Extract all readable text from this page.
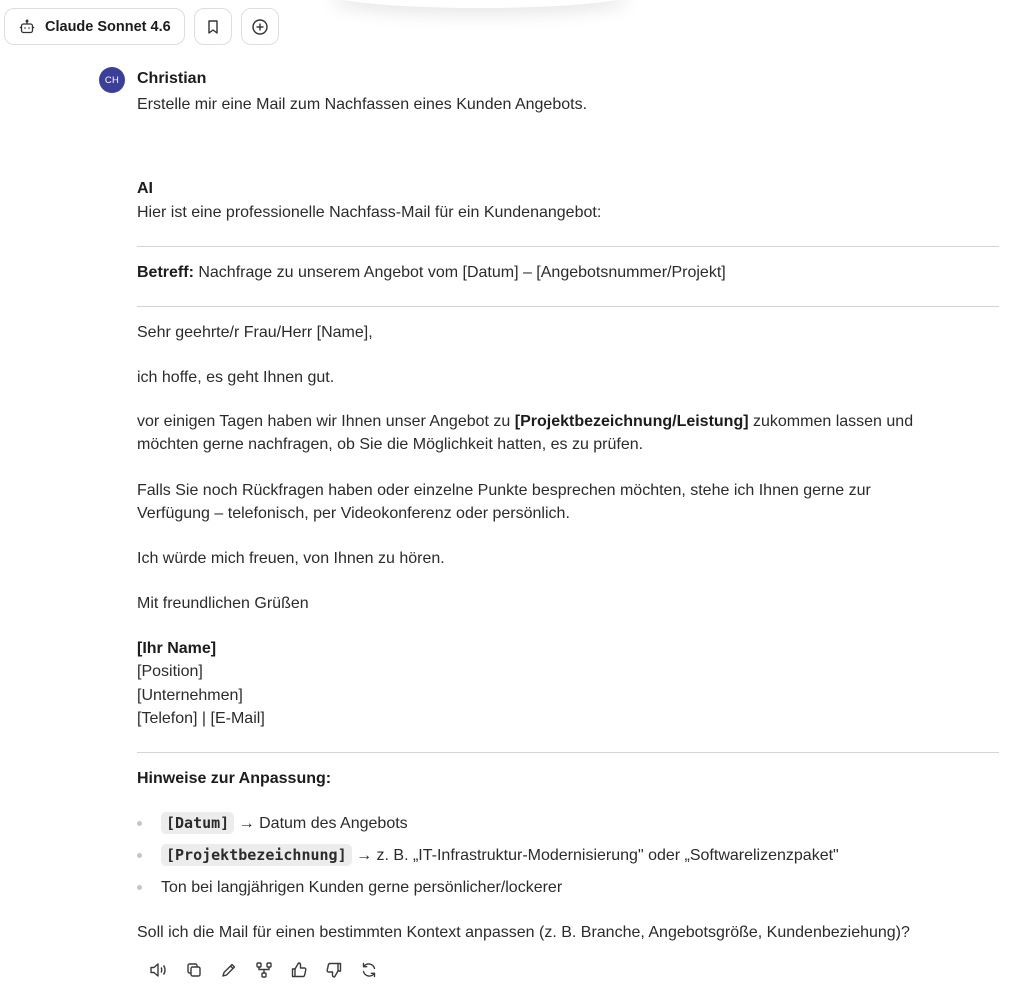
Claude Sonnet 4.6
CH	Christian
Erstelle mir eine Mail zum Nachfassen eines Kunden Angebots.
AI
Hier ist eine professionelle Nachfass-Mail für ein Kundenangebot:
Betreff: Nachfrage zu unserem Angebot vom [Datum] – [Angebotsnummer/Projekt]
Sehr geehrte/r Frau/Herr [Name],
ich hoffe, es geht Ihnen gut.
vor einigen Tagen haben wir Ihnen unser Angebot zu [Projektbezeichnung/Leistung] zukommen lassen und
möchten gerne nachfragen, ob Sie die Möglichkeit hatten, es zu prüfen.
Falls Sie noch Rückfragen haben oder einzelne Punkte besprechen möchten, stehe ich Ihnen gerne zur
Verfügung – telefonisch, per Videokonferenz oder persönlich.
Ich würde mich freuen, von Ihnen zu hören.
Mit freundlichen Grüßen
[Ihr Name]
[Position]
[Unternehmen]
[Telefon] | [E-Mail]
Hinweise zur Anpassung:
[Datum] → Datum des Angebots
[Projektbezeichnung] → z. B. „IT-Infrastruktur-Modernisierung" oder „Softwarelizenzpaket"
Ton bei langjährigen Kunden gerne persönlicher/lockerer
Soll ich die Mail für einen bestimmten Kontext anpassen (z. B. Branche, Angebotsgröße, Kundenbeziehung)?
